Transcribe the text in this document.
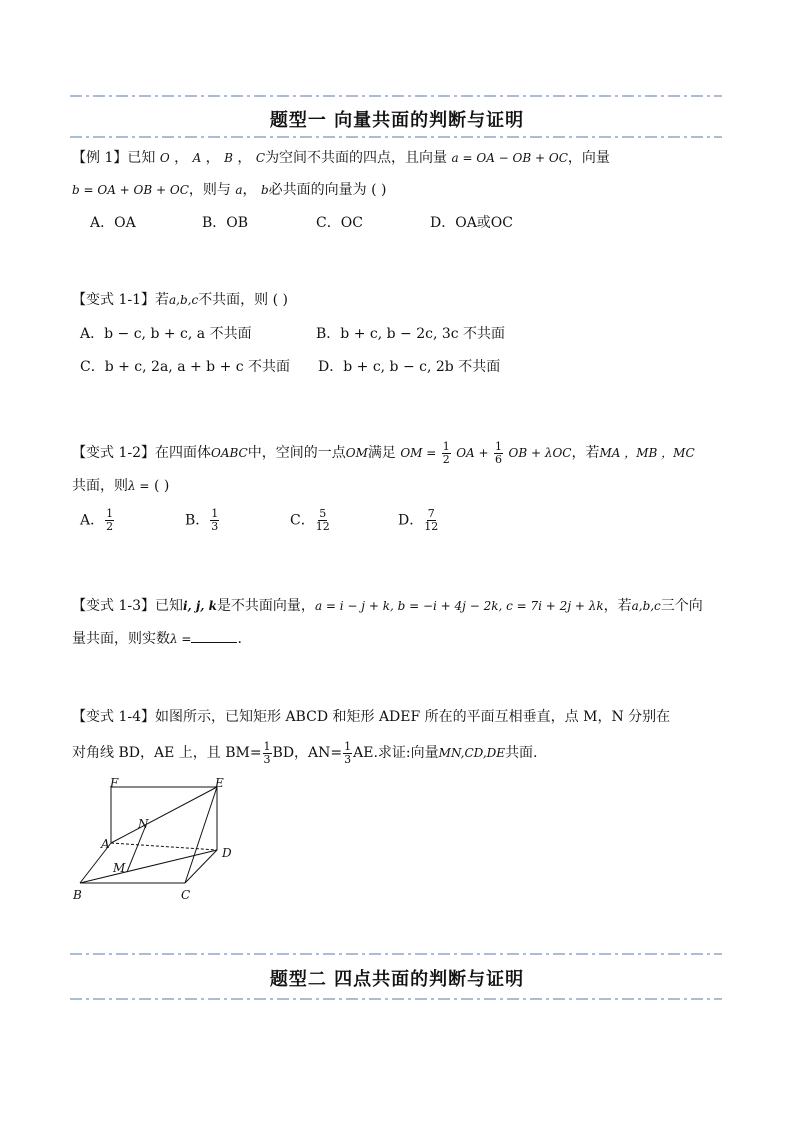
题型一 向量共面的判断与证明
【例 1】已知 O ， A ， B ， C为空间不共面的四点，且向量 a = OA − OB + OC，向量
b = OA + OB + OC，则与 a， b必共面的向量为 ( )
A．OA	B．OB	C．OC	D．OA或OC
【变式 1-1】若a,b,c不共面，则 ( )
A．b − c, b + c, a 不共面	B．b + c, b − 2c, 3c 不共面
C．b + c, 2a, a + b + c 不共面 D．b + c, b − c, 2b 不共面
【变式 1-2】在四面体OABC中，空间的一点OM满足 OM = $\frac{1}{2}$ OA + $\frac{1}{6}$ OB + λOC，若MA ，MB ，MC
共面，则λ = ( )
A． $\frac{1}{2}$	B． $\frac{1}{3}$	C． $\frac{5}{12}$	D． $\frac{7}{12}$
【变式 1-3】已知i, j, k是不共面向量，a = i − j + k, b = −i + 4j − 2k, c = 7i + 2j + λk，若a,b,c三个向
量共面，则实数λ =	.
【变式 1-4】如图所示，已知矩形 ABCD 和矩形 ADEF 所在的平面互相垂直，点 M，N 分别在
对角线 BD，AE 上，且 $BM= \frac{1}{3}$ BD，$AN= \frac{1}{3}$ AE.求证:向量MN,CD,DE共面.
F	E
N
A
D
M
B	C
题型二 四点共面的判断与证明
